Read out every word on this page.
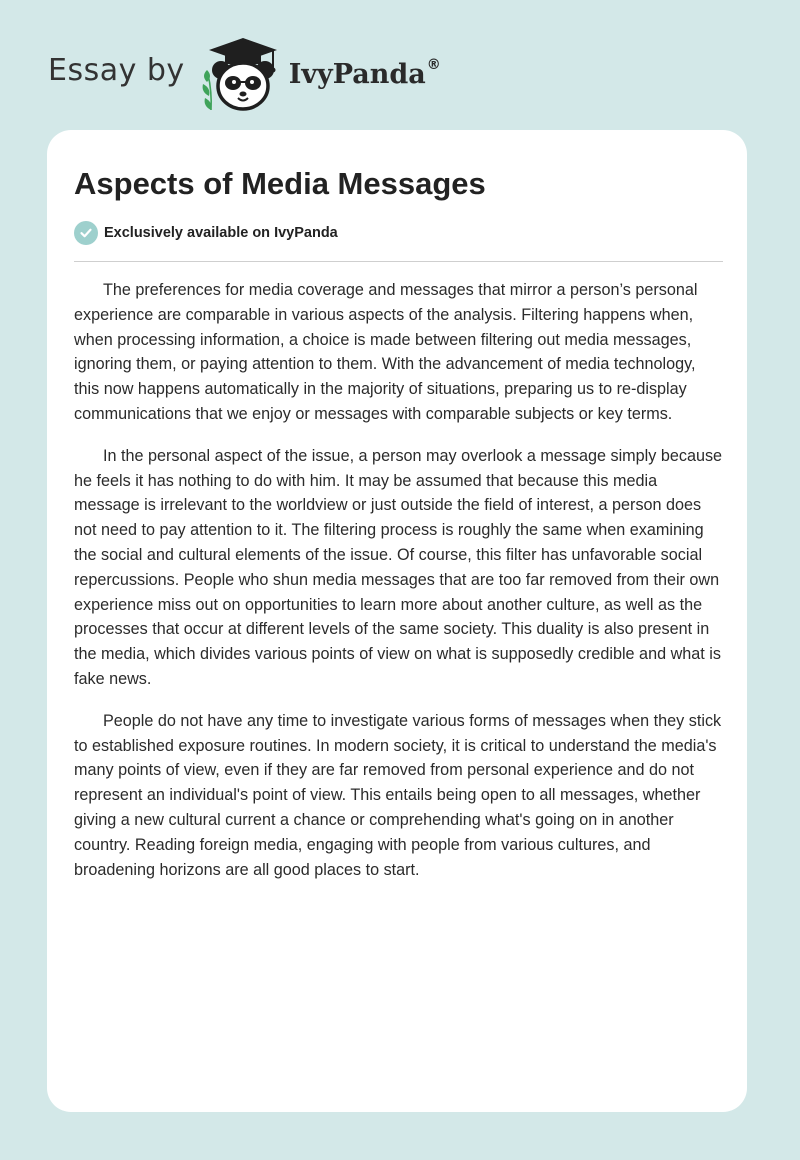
Essay by	IvyPanda®
Aspects of Media Messages
Exclusively available on IvyPanda

The preferences for media coverage and messages that mirror a person’s personal experience are comparable in various aspects of the analysis. Filtering happens when, when processing information, a choice is made between filtering out media messages, ignoring them, or paying attention to them. With the advancement of media technology, this now happens automatically in the majority of situations, preparing us to re-display communications that we enjoy or messages with comparable subjects or key terms.

In the personal aspect of the issue, a person may overlook a message simply because he feels it has nothing to do with him. It may be assumed that because this media message is irrelevant to the worldview or just outside the field of interest, a person does not need to pay attention to it. The filtering process is roughly the same when examining the social and cultural elements of the issue. Of course, this filter has unfavorable social repercussions. People who shun media messages that are too far removed from their own experience miss out on opportunities to learn more about another culture, as well as the processes that occur at different levels of the same society. This duality is also present in the media, which divides various points of view on what is supposedly credible and what is fake news.

People do not have any time to investigate various forms of messages when they stick to established exposure routines. In modern society, it is critical to understand the media's many points of view, even if they are far removed from personal experience and do not represent an individual's point of view. This entails being open to all messages, whether giving a new cultural current a chance or comprehending what's going on in another country. Reading foreign media, engaging with people from various cultures, and broadening horizons are all good places to start.
